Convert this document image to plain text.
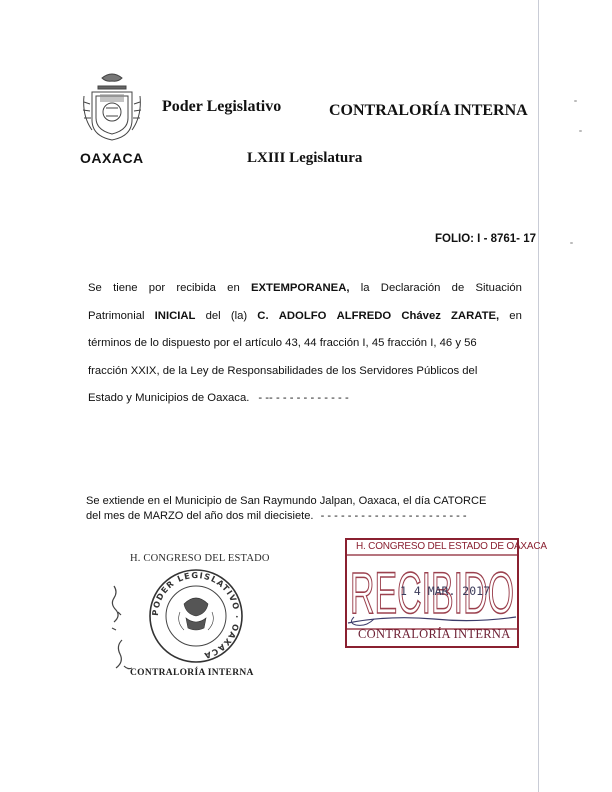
OAXACA
Poder Legislativo	CONTRALORÍA INTERNA
LXIII Legislatura
FOLIO: I - 8761- 17
Se tiene por recibida en EXTEMPORANEA, la Declaración de Situación
Patrimonial INICIAL del (la) C. ADOLFO ALFREDO Chávez ZARATE, en
términos de lo dispuesto por el artículo 43, 44 fracción I, 45 fracción I, 46 y 56
fracción XXIX, de la Ley de Responsabilidades de los Servidores Públicos del
Estado y Municipios de Oaxaca. - -- - - - - - - - - - - -
Se extiende en el Municipio de San Raymundo Jalpan, Oaxaca, el día CATORCE
del mes de MARZO del año dos mil diecisiete. - - - - - - - - - - - - - - - - - - - - - -
H. CONGRESO DEL ESTADO
PODER LEGISLATIVO · OAXACA
CONTRALORÍA INTERNA
RECIBIDO
H. CONGRESO DEL ESTADO DE OAXACA
1 4 MAR. 2017
CONTRALORÍA INTERNA
